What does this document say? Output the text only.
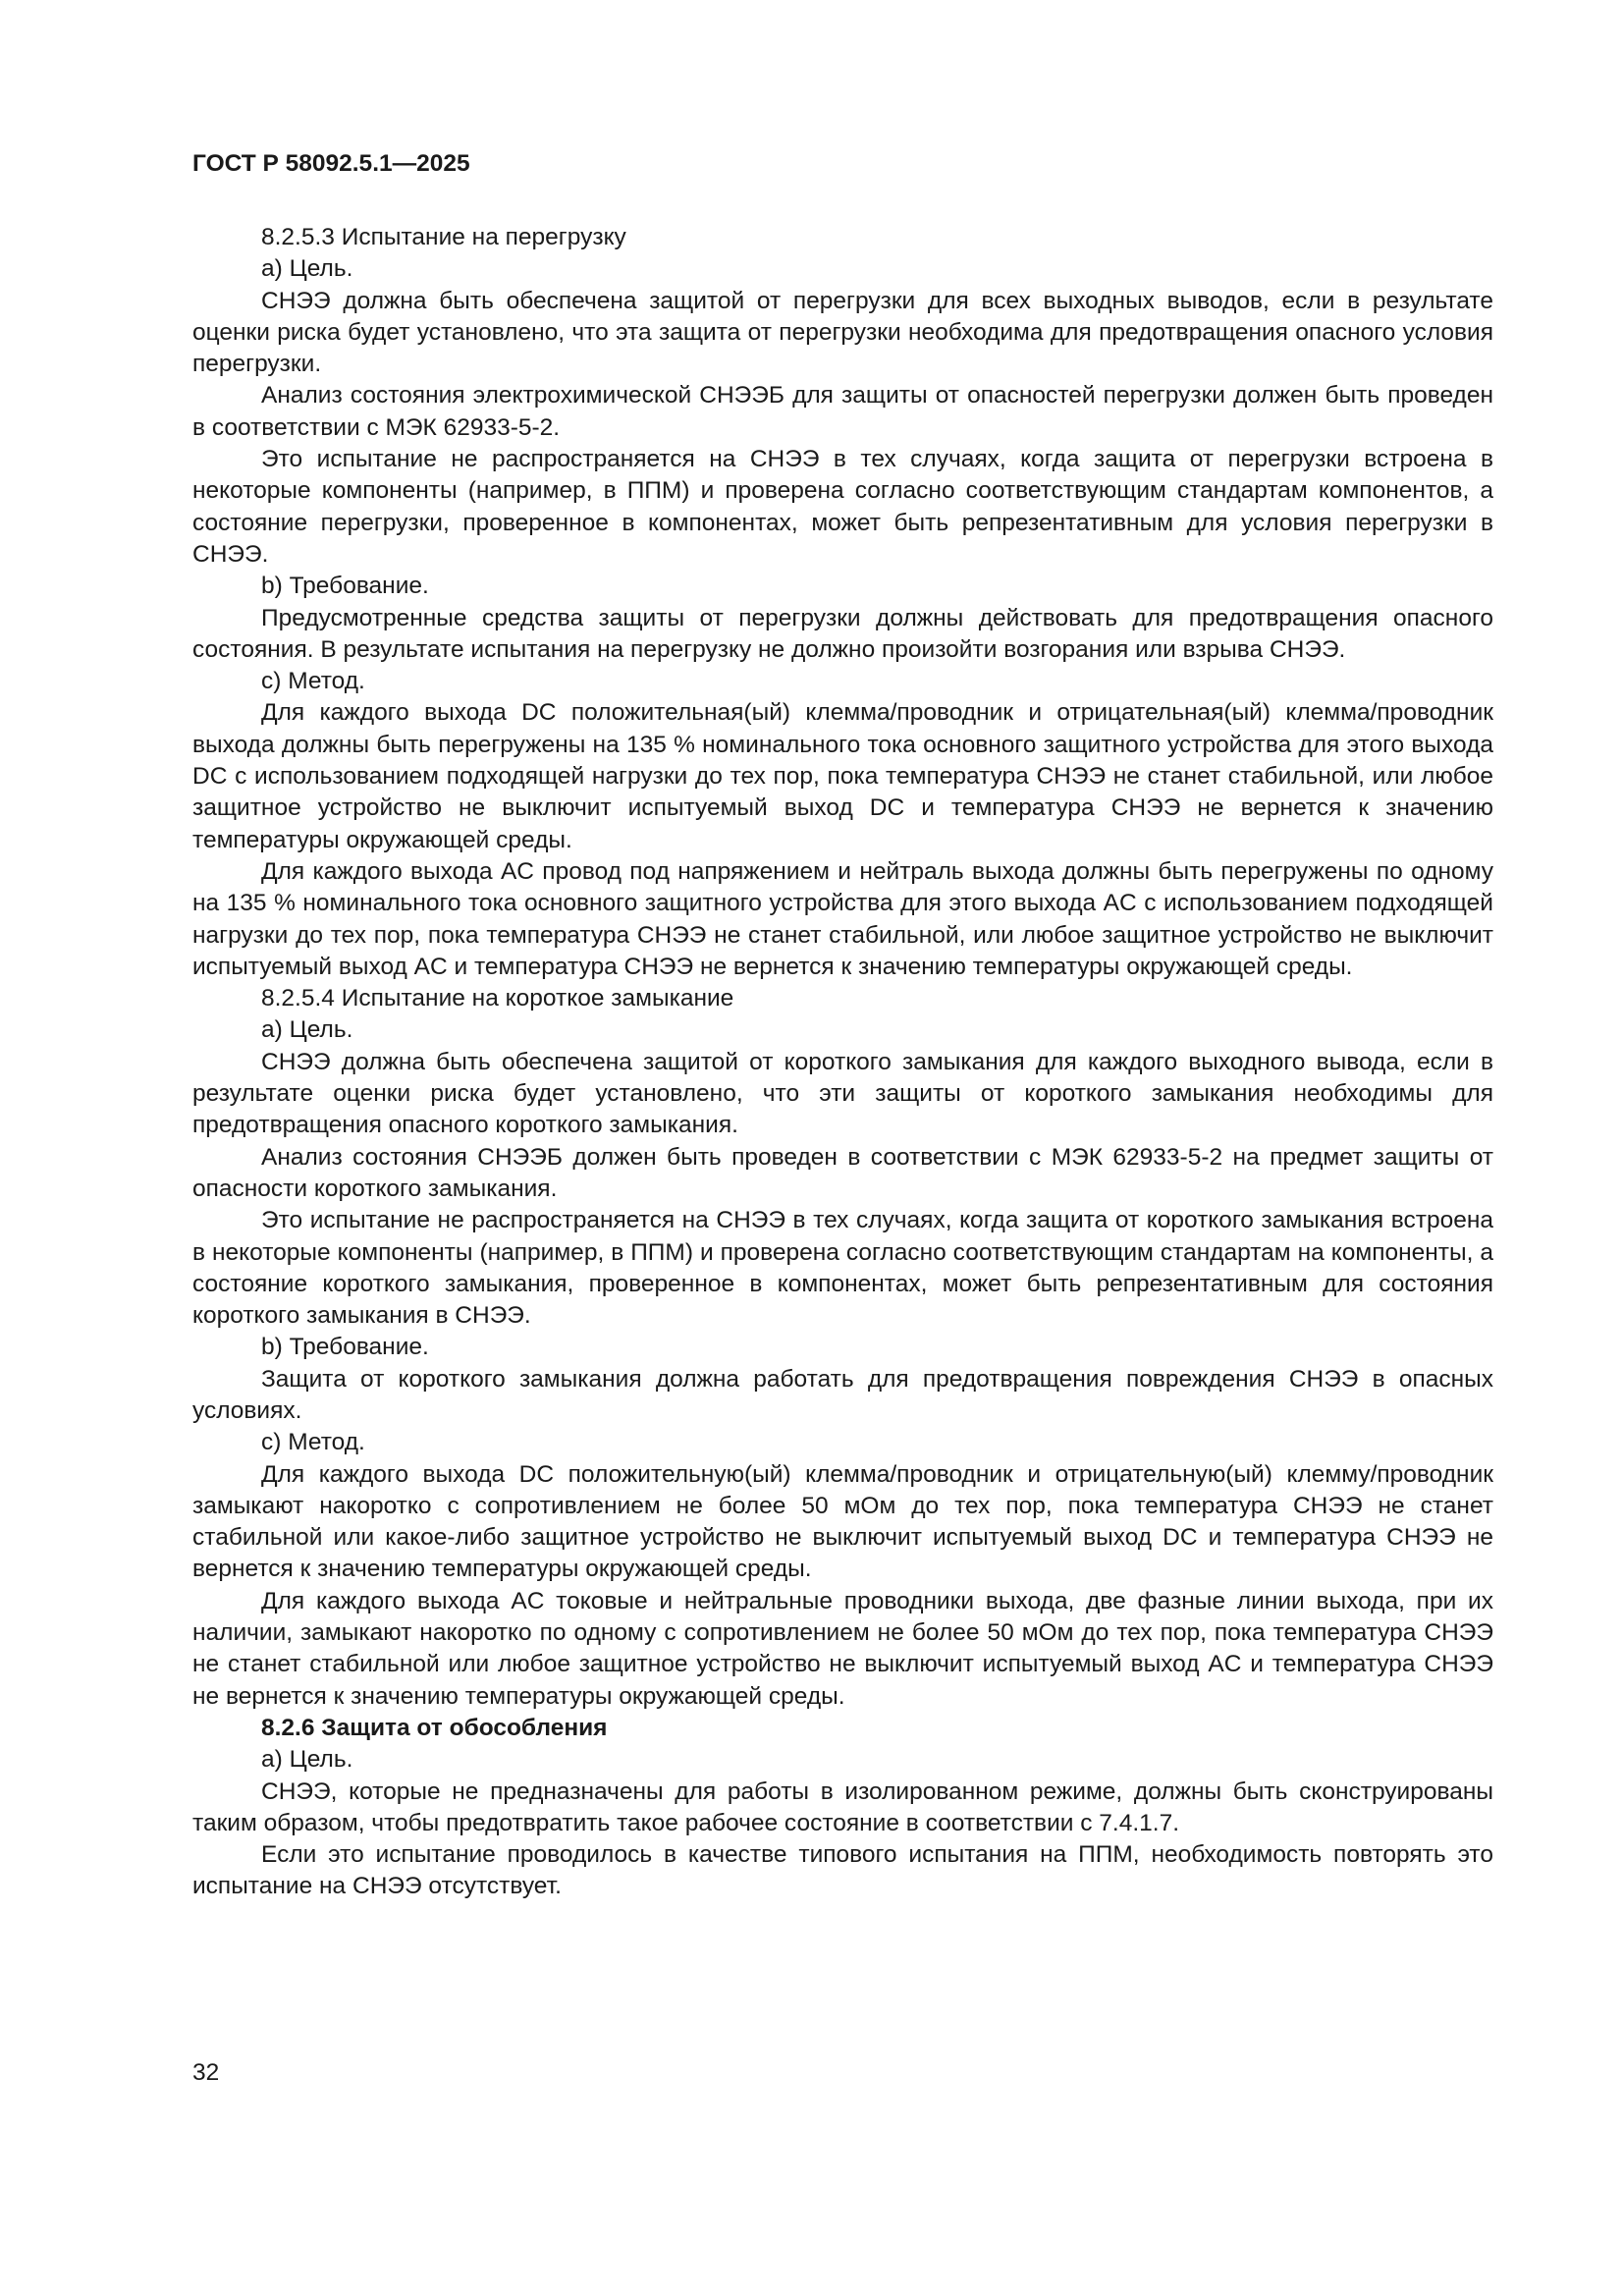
ГОСТ Р 58092.5.1—2025

8.2.5.3 Испытание на перегрузку

а) Цель.

СНЭЭ должна быть обеспечена защитой от перегрузки для всех выходных выводов, если в результате оценки риска будет установлено, что эта защита от перегрузки необходима для предотвращения опасного условия перегрузки.

Анализ состояния электрохимической СНЭЭБ для защиты от опасностей перегрузки должен быть проведен в соответствии с МЭК 62933-5-2.

Это испытание не распространяется на СНЭЭ в тех случаях, когда защита от перегрузки встроена в некоторые компоненты (например, в ППМ) и проверена согласно соответствующим стандартам компонентов, а состояние перегрузки, проверенное в компонентах, может быть репрезентативным для условия перегрузки в СНЭЭ.

b) Требование.

Предусмотренные средства защиты от перегрузки должны действовать для предотвращения опасного состояния. В результате испытания на перегрузку не должно произойти возгорания или взрыва СНЭЭ.

с) Метод.

Для каждого выхода DC положительная(ый) клемма/проводник и отрицательная(ый) клемма/проводник выхода должны быть перегружены на 135 % номинального тока основного защитного устройства для этого выхода DC с использованием подходящей нагрузки до тех пор, пока температура СНЭЭ не станет стабильной, или любое защитное устройство не выключит испытуемый выход DC и температура СНЭЭ не вернется к значению температуры окружающей среды.

Для каждого выхода AC провод под напряжением и нейтраль выхода должны быть перегружены по одному на 135 % номинального тока основного защитного устройства для этого выхода AC с использованием подходящей нагрузки до тех пор, пока температура СНЭЭ не станет стабильной, или любое защитное устройство не выключит испытуемый выход AC и температура СНЭЭ не вернется к значению температуры окружающей среды.

8.2.5.4 Испытание на короткое замыкание

а) Цель.

СНЭЭ должна быть обеспечена защитой от короткого замыкания для каждого выходного вывода, если в результате оценки риска будет установлено, что эти защиты от короткого замыкания необходимы для предотвращения опасного короткого замыкания.

Анализ состояния СНЭЭБ должен быть проведен в соответствии с МЭК 62933-5-2 на предмет защиты от опасности короткого замыкания.

Это испытание не распространяется на СНЭЭ в тех случаях, когда защита от короткого замыкания встроена в некоторые компоненты (например, в ППМ) и проверена согласно соответствующим стандартам на компоненты, а состояние короткого замыкания, проверенное в компонентах, может быть репрезентативным для состояния короткого замыкания в СНЭЭ.

b) Требование.

Защита от короткого замыкания должна работать для предотвращения повреждения СНЭЭ в опасных условиях.

с) Метод.

Для каждого выхода DC положительную(ый) клемма/проводник и отрицательную(ый) клемму/проводник замыкают накоротко с сопротивлением не более 50 мОм до тех пор, пока температура СНЭЭ не станет стабильной или какое-либо защитное устройство не выключит испытуемый выход DC и температура СНЭЭ не вернется к значению температуры окружающей среды.

Для каждого выхода AC токовые и нейтральные проводники выхода, две фазные линии выхода, при их наличии, замыкают накоротко по одному с сопротивлением не более 50 мОм до тех пор, пока температура СНЭЭ не станет стабильной или любое защитное устройство не выключит испытуемый выход AC и температура СНЭЭ не вернется к значению температуры окружающей среды.

8.2.6 Защита от обособления

а) Цель.

СНЭЭ, которые не предназначены для работы в изолированном режиме, должны быть сконструированы таким образом, чтобы предотвратить такое рабочее состояние в соответствии с 7.4.1.7.

Если это испытание проводилось в качестве типового испытания на ППМ, необходимость повторять это испытание на СНЭЭ отсутствует.

32
